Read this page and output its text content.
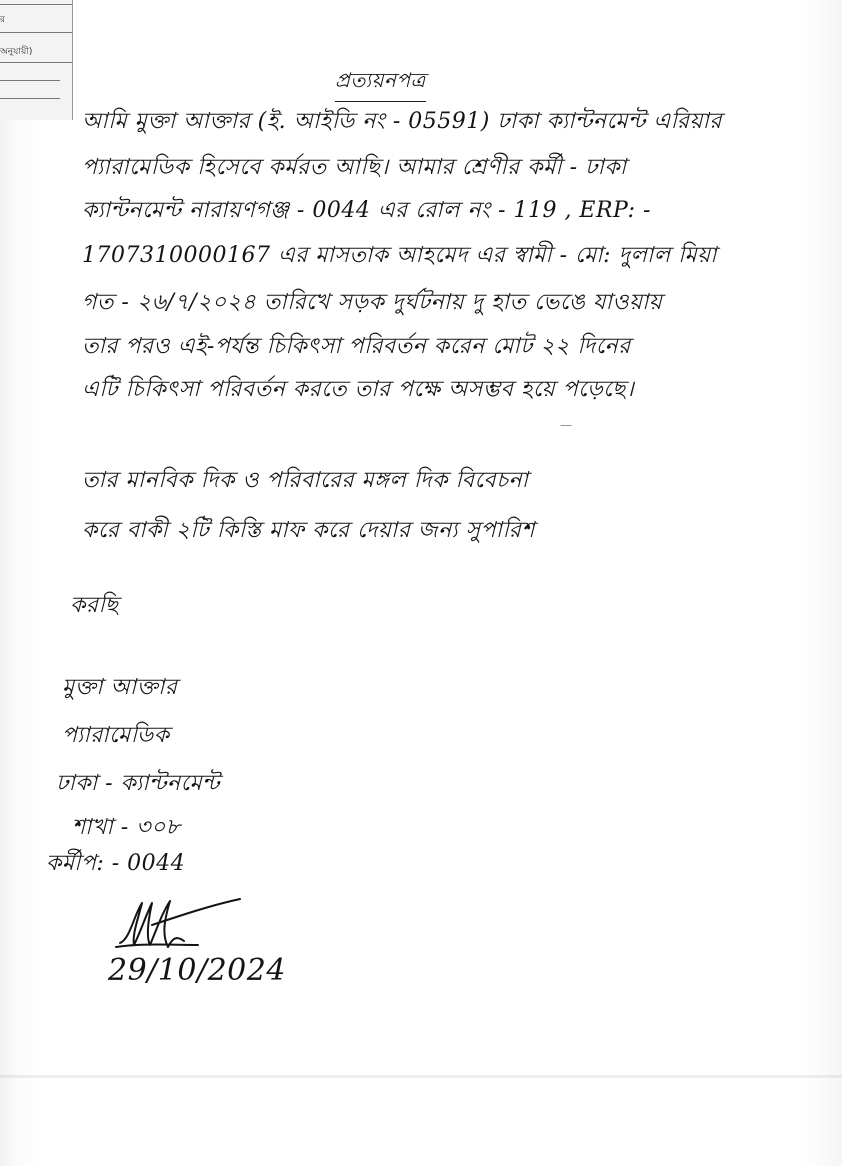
র
অনুযায়ী)
প্রত্যয়নপত্র
আমি মুক্তা আক্তার (ই. আইডি নং - 05591) ঢাকা ক্যান্টনমেন্ট এরিয়ার
প্যারামেডিক হিসেবে কর্মরত আছি। আমার শ্রেণীর কর্মী - ঢাকা
ক্যান্টনমেন্ট নারায়ণগঞ্জ - 0044 এর রোল নং - 119 , ERP: -
1707310000167 এর মাসতাক আহমেদ এর স্বামী - মো: দুলাল মিয়া
গত - ২৬/৭/২০২৪ তারিখে সড়ক দুর্ঘটনায় দু হাত ভেঙে যাওয়ায়
তার পরও এই-পর্যন্ত চিকিৎসা পরিবর্তন করেন মোট ২২ দিনের
এটি চিকিৎসা পরিবর্তন করতে তার পক্ষে অসম্ভব হয়ে পড়েছে।
—
তার মানবিক দিক ও পরিবারের মঙ্গল দিক বিবেচনা
করে বাকী ২টি কিস্তি মাফ করে দেয়ার জন্য সুপারিশ
করছি
মুক্তা আক্তার
প্যারামেডিক
ঢাকা - ক্যান্টনমেন্ট
শাখা - ৩০৮
কর্মীপ: - 0044
29/10/2024
